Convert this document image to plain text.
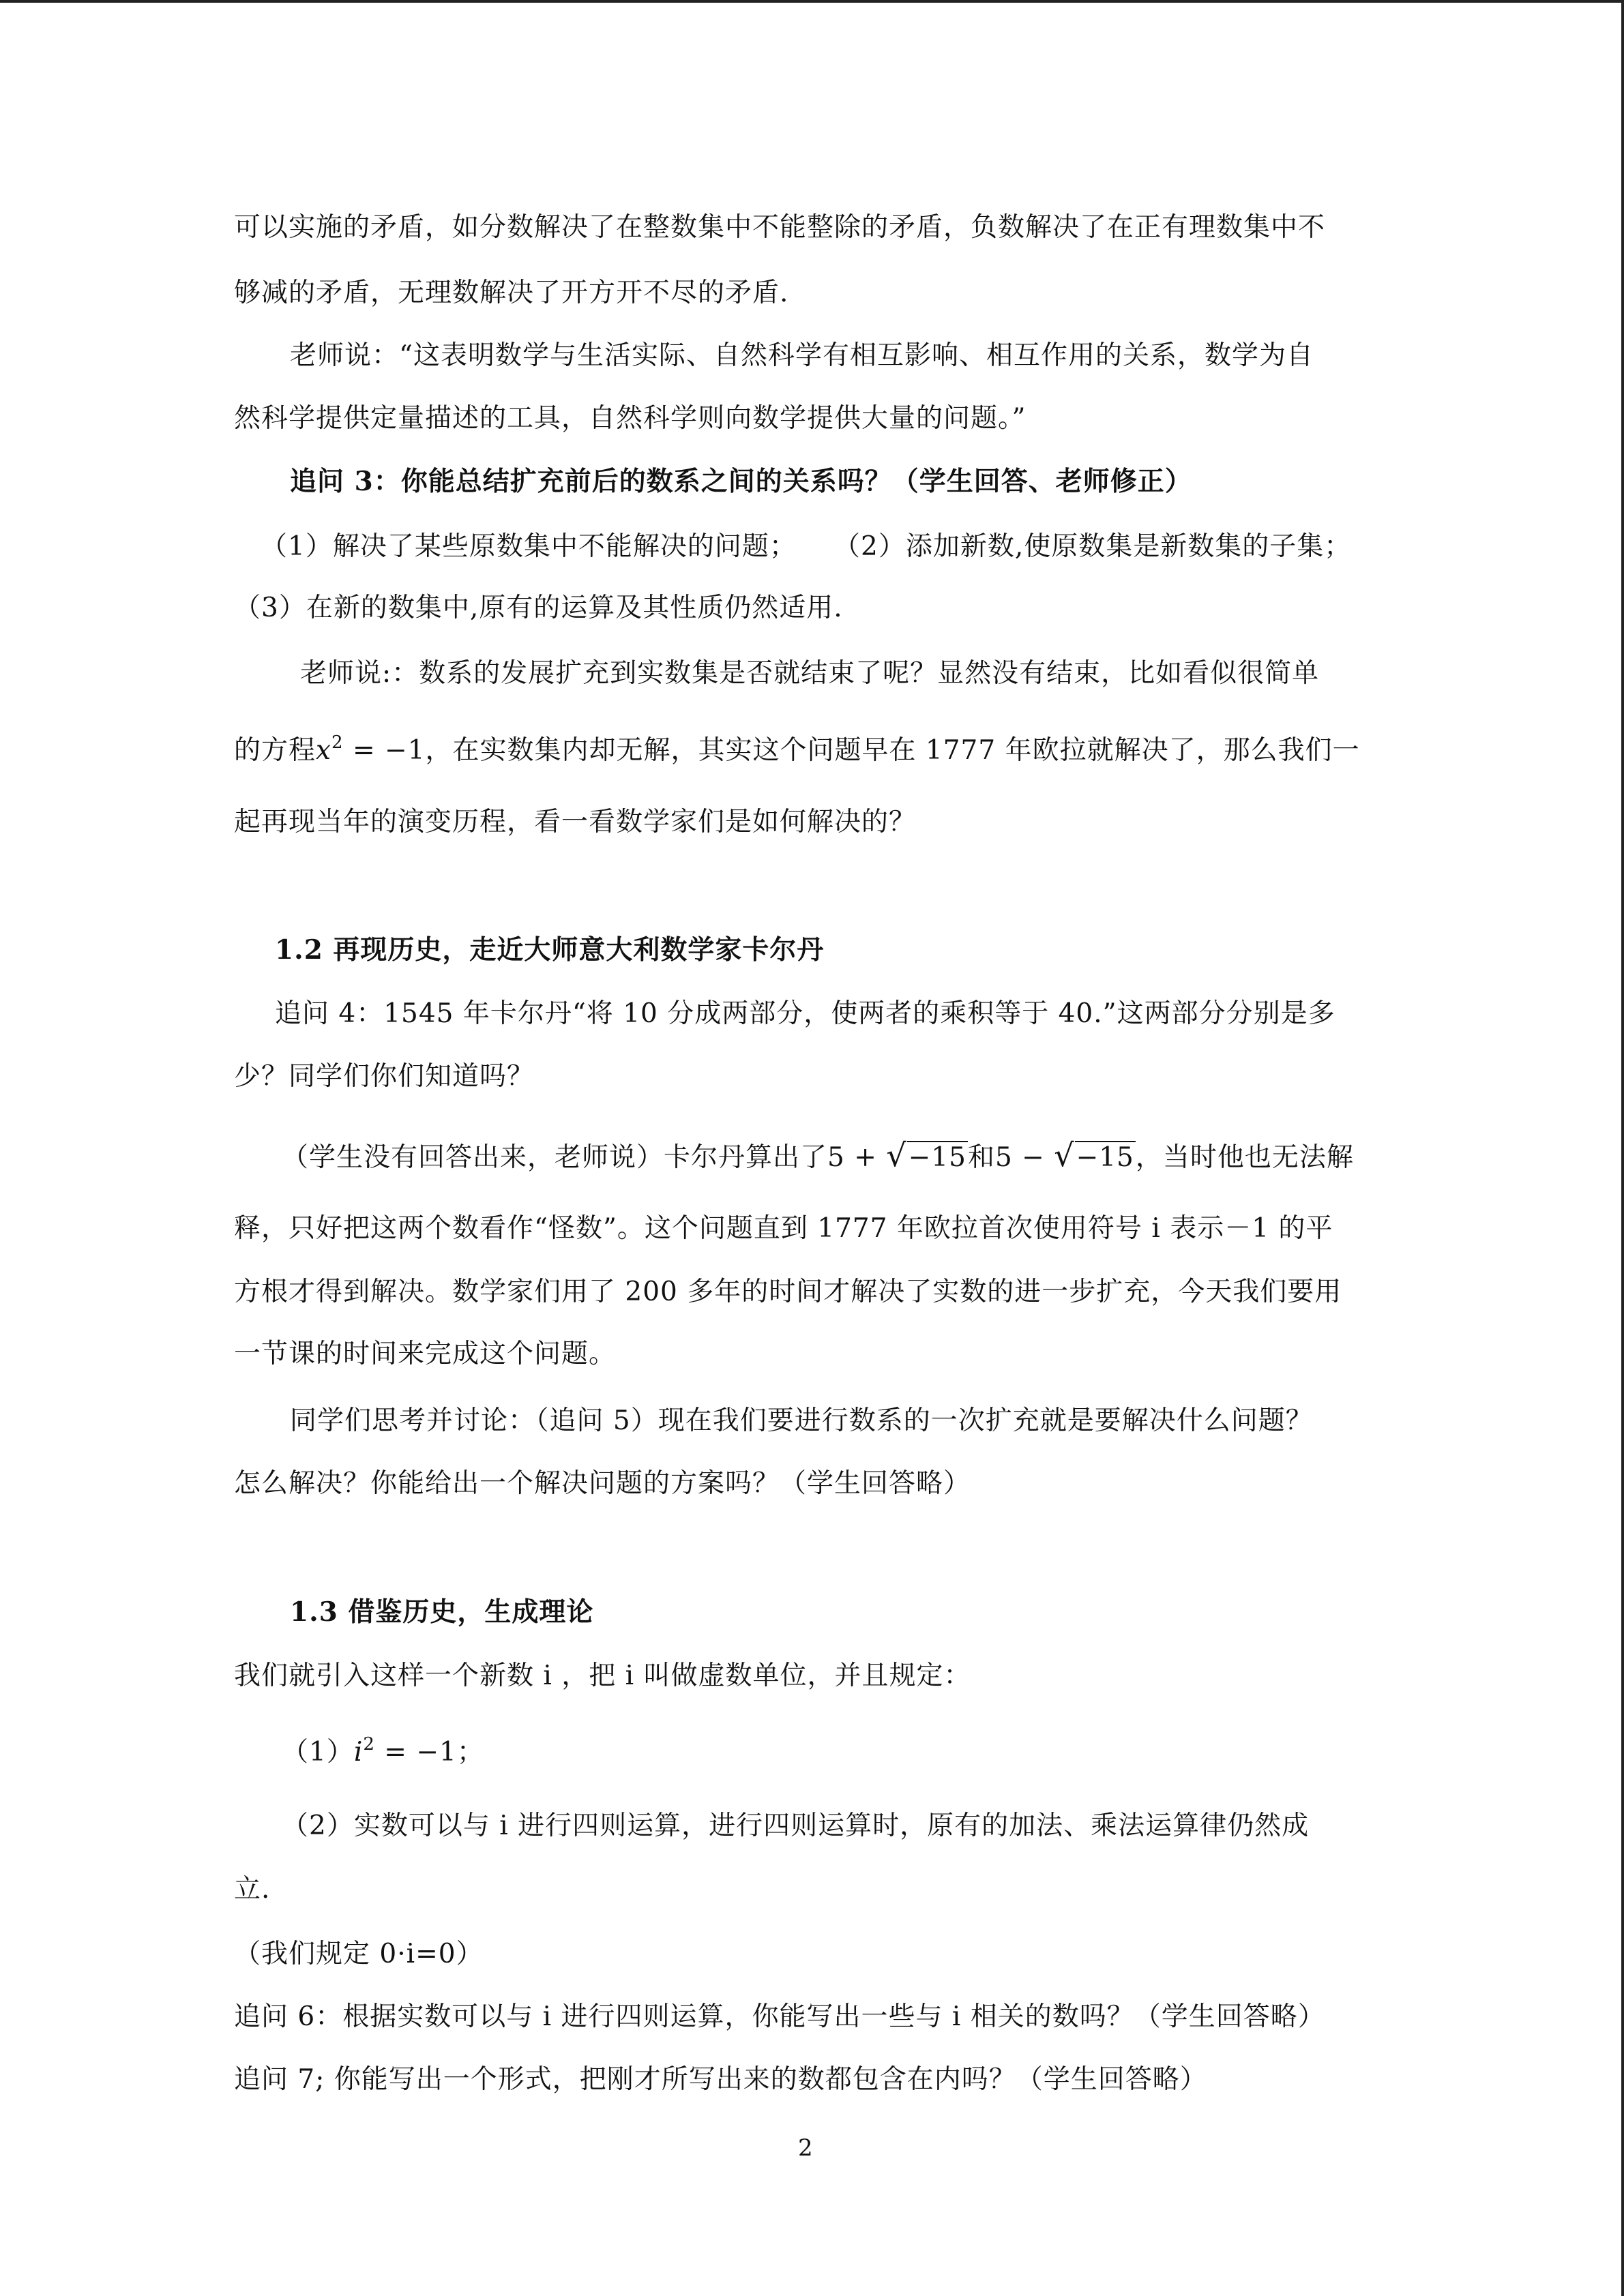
可以实施的矛盾，如分数解决了在整数集中不能整除的矛盾，负数解决了在正有理数集中不
够减的矛盾，无理数解决了开方开不尽的矛盾.
老师说：“这表明数学与生活实际、自然科学有相互影响、相互作用的关系，数学为自
然科学提供定量描述的工具，自然科学则向数学提供大量的问题。”
追问 3：你能总结扩充前后的数系之间的关系吗？（学生回答、老师修正）
（1）解决了某些原数集中不能解决的问题； （2）添加新数,使原数集是新数集的子集；
（3）在新的数集中,原有的运算及其性质仍然适用.
老师说:：数系的发展扩充到实数集是否就结束了呢？显然没有结束，比如看似很简单
的方程$x^2 = -1$，在实数集内却无解，其实这个问题早在 1777 年欧拉就解决了，那么我们一
起再现当年的演变历程，看一看数学家们是如何解决的？
1.2 再现历史，走近大师意大利数学家卡尔丹
追问 4：1545 年卡尔丹“将 10 分成两部分，使两者的乘积等于 40.”这两部分分别是多
少？同学们你们知道吗？
（学生没有回答出来，老师说）卡尔丹算出了5 + √−15和5 − √−15，当时他也无法解
释，只好把这两个数看作“怪数”。这个问题直到 1777 年欧拉首次使用符号 i 表示－1 的平
方根才得到解决。数学家们用了 200 多年的时间才解决了实数的进一步扩充，今天我们要用
一节课的时间来完成这个问题。
同学们思考并讨论：（追问 5）现在我们要进行数系的一次扩充就是要解决什么问题？
怎么解决？你能给出一个解决问题的方案吗？（学生回答略）
1.3 借鉴历史，生成理论
我们就引入这样一个新数 i ，把 i 叫做虚数单位，并且规定：
$(1)i^2 = -1$；
（2）实数可以与 i 进行四则运算，进行四则运算时，原有的加法、乘法运算律仍然成
立.
（我们规定 0·i=0）
追问 6：根据实数可以与 i 进行四则运算，你能写出一些与 i 相关的数吗？（学生回答略）
追问 7; 你能写出一个形式，把刚才所写出来的数都包含在内吗？（学生回答略）
2
